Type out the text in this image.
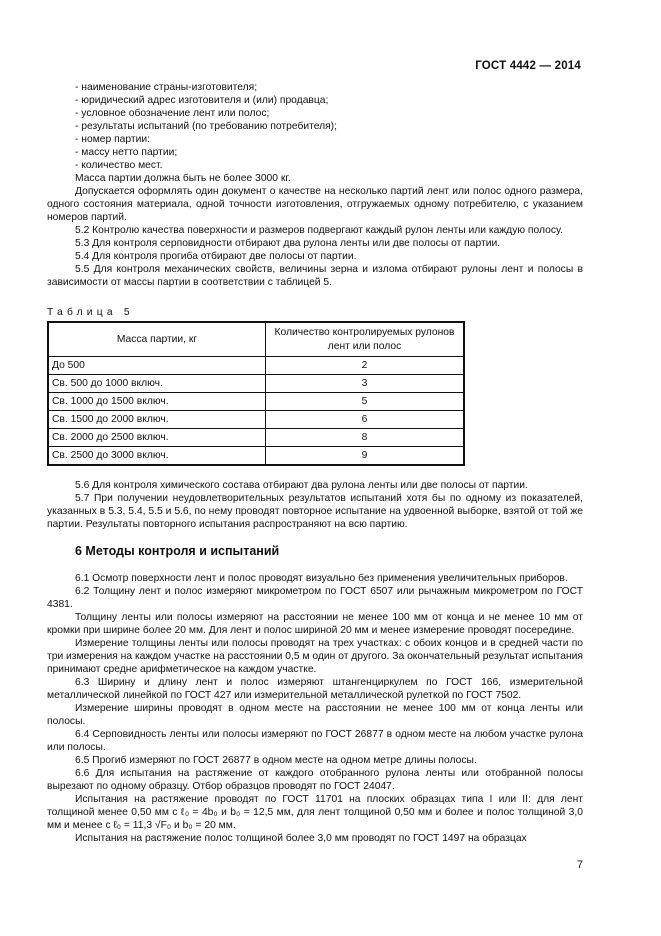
ГОСТ 4442 — 2014

- наименование страны-изготовителя;

- юридический адрес изготовителя и (или) продавца;

- условное обозначение лент или полос;

- результаты испытаний (по требованию потребителя);

- номер партии:

- массу нетто партии;

- количество мест.

Масса партии должна быть не более 3000 кг.

Допускается оформлять один документ о качестве на несколько партий лент или полос одного размера, одного состояния материала, одной точности изготовления, отгружаемых одному потребителю, с указанием номеров партий.

5.2 Контролю качества поверхности и размеров подвергают каждый рулон ленты или каждую полосу.

5.3 Для контроля серповидности отбирают два рулона ленты или две полосы от партии.

5.4 Для контроля прогиба отбирают две полосы от партии.

5.5 Для контроля механических свойств, величины зерна и излома отбирают рулоны лент и полосы в зависимости от массы партии в соответствии с таблицей 5.

Таблица 5

Масса партии, кг	Количество контролируемых рулонов лент или полос
До 500	2
Св. 500 до 1000 включ.	3
Св. 1000 до 1500 включ.	5
Св. 1500 до 2000 включ.	6
Св. 2000 до 2500 включ.	8
Св. 2500 до 3000 включ.	9

5.6 Для контроля химического состава отбирают два рулона ленты или две полосы от партии.

5.7 При получении неудовлетворительных результатов испытаний хотя бы по одному из показателей, указанных в 5.3, 5.4, 5.5 и 5.6, по нему проводят повторное испытание на удвоенной выборке, взятой от той же партии. Результаты повторного испытания распространяют на всю партию.

6 Методы контроля и испытаний

6.1 Осмотр поверхности лент и полос проводят визуально без применения увеличительных приборов.

6.2 Толщину лент и полос измеряют микрометром по ГОСТ 6507 или рычажным микрометром по ГОСТ 4381.

Толщину ленты или полосы измеряют на расстоянии не менее 100 мм от конца и не менее 10 мм от кромки при ширине более 20 мм. Для лент и полос шириной 20 мм и менее измерение проводят посередине.

Измерение толщины ленты или полосы проводят на трех участках: с обоих концов и в средней части по три измерения на каждом участке на расстоянии 0,5 м один от другого. За окончательный результат испытания принимают средне арифметическое на каждом участке.

6.3 Ширину и длину лент и полос измеряют штангенциркулем по ГОСТ 166, измерительной металлической линейкой по ГОСТ 427 или измерительной металлической рулеткой по ГОСТ 7502.

Измерение ширины проводят в одном месте на расстоянии не менее 100 мм от конца ленты или полосы.

6.4 Серповидность ленты или полосы измеряют по ГОСТ 26877 в одном месте на любом участке рулона или полосы.

6.5 Прогиб измеряют по ГОСТ 26877 в одном месте на одном метре длины полосы.

6.6 Для испытания на растяжение от каждого отобранного рулона ленты или отобранной полосы вырезают по одному образцу. Отбор образцов проводят по ГОСТ 24047.

Испытания на растяжение проводят по ГОСТ 11701 на плоских образцах типа I или II: для лент толщиной менее 0,50 мм с ℓ₀ = 4b₀ и b₀ = 12,5 мм, для лент толщиной 0,50 мм и более и полос толщиной 3,0 мм и менее с ℓ₀ = 11,3 √F₀ и b₀ = 20 мм.

Испытания на растяжение полос толщиной более 3,0 мм проводят по ГОСТ 1497 на образцах

7
